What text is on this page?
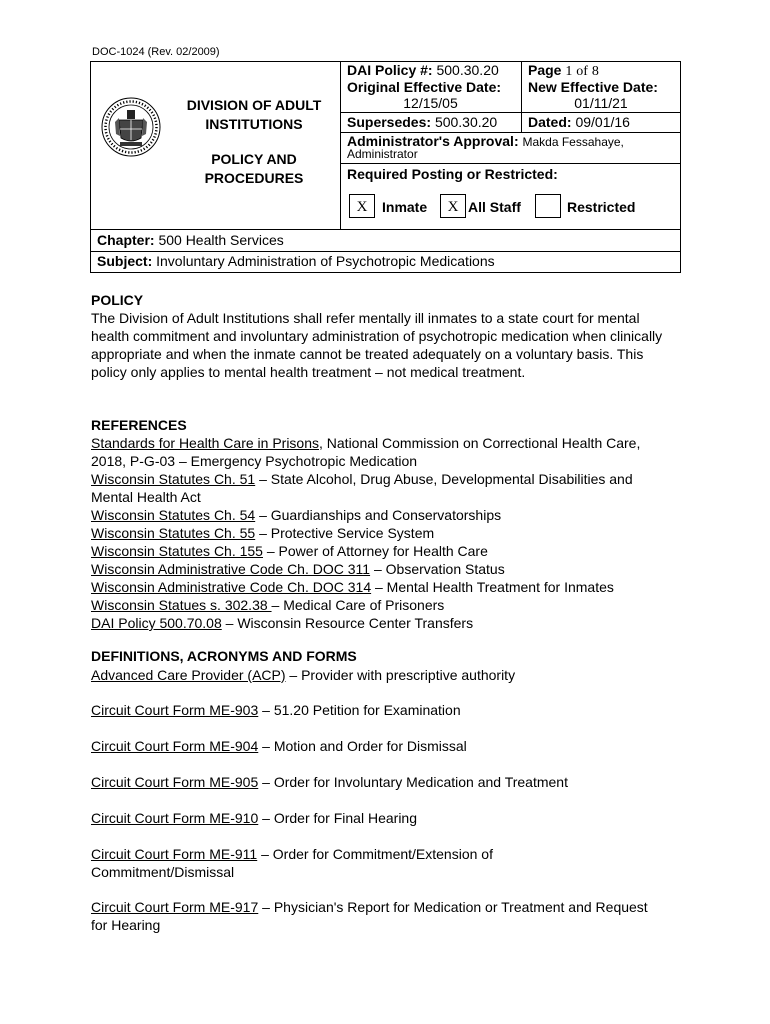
DOC-1024 (Rev. 02/2009)
DIVISION OF ADULT INSTITUTIONS
POLICY AND PROCEDURES
DAI Policy #: 500.30.20 Page 1 of 8
Original Effective Date:
12/15/05
New Effective Date:
01/11/21
Supersedes: 500.30.20 Dated: 09/01/16
Administrator's Approval: Makda Fessahaye,
Administrator
Required Posting or Restricted:
X	Inmate	X All Staff	Restricted
Chapter: 500 Health Services
Subject: Involuntary Administration of Psychotropic Medications
POLICY
The Division of Adult Institutions shall refer mentally ill inmates to a state court for mental health commitment and involuntary administration of psychotropic medication when clinically appropriate and when the inmate cannot be treated adequately on a voluntary basis. This policy only applies to mental health treatment – not medical treatment.
REFERENCES
Standards for Health Care in Prisons, National Commission on Correctional Health Care, 2018, P-G-03 – Emergency Psychotropic Medication
Wisconsin Statutes Ch. 51 – State Alcohol, Drug Abuse, Developmental Disabilities and Mental Health Act
Wisconsin Statutes Ch. 54 – Guardianships and Conservatorships
Wisconsin Statutes Ch. 55 – Protective Service System
Wisconsin Statutes Ch. 155 – Power of Attorney for Health Care
Wisconsin Administrative Code Ch. DOC 311 – Observation Status
Wisconsin Administrative Code Ch. DOC 314 – Mental Health Treatment for Inmates
Wisconsin Statues s. 302.38 – Medical Care of Prisoners
DAI Policy 500.70.08 – Wisconsin Resource Center Transfers
DEFINITIONS, ACRONYMS AND FORMS
Advanced Care Provider (ACP) – Provider with prescriptive authority
Circuit Court Form ME-903 – 51.20 Petition for Examination
Circuit Court Form ME-904 – Motion and Order for Dismissal
Circuit Court Form ME-905 – Order for Involuntary Medication and Treatment
Circuit Court Form ME-910 – Order for Final Hearing
Circuit Court Form ME-911 – Order for Commitment/Extension of Commitment/Dismissal
Circuit Court Form ME-917 – Physician's Report for Medication or Treatment and Request for Hearing
